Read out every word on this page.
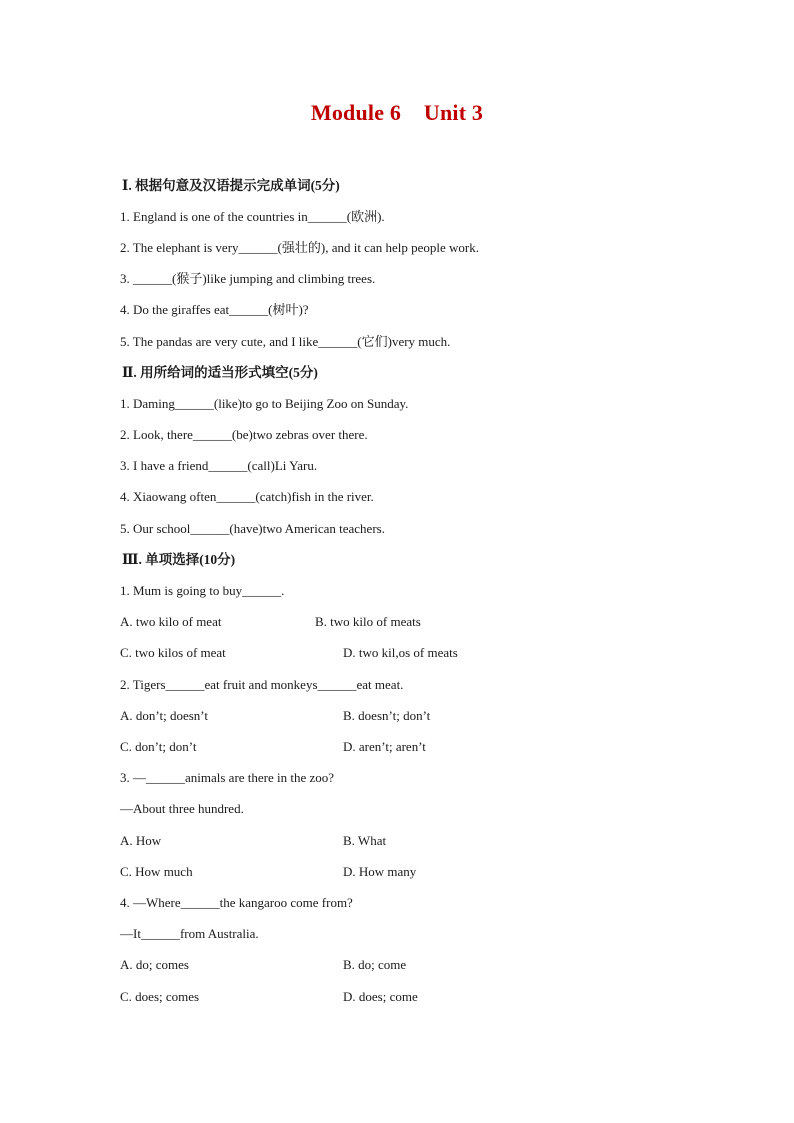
Module 6    Unit 3
Ⅰ. 根据句意及汉语提示完成单词(5分)
1. England is one of the countries in______(欧洲).
2. The elephant is very______(强壮的), and it can help people work.
3. ______(猴子)like jumping and climbing trees.
4. Do the giraffes eat______(树叶)?
5. The pandas are very cute, and I like______(它们)very much.
Ⅱ. 用所给词的适当形式填空(5分)
1. Daming______(like)to go to Beijing Zoo on Sunday.
2. Look, there______(be)two zebras over there.
3. I have a friend______(call)Li Yaru.
4. Xiaowang often______(catch)fish in the river.
5. Our school______(have)two American teachers.
Ⅲ. 单项选择(10分)
1. Mum is going to buy______.
A. two kilo of meat	B. two kilo of meats
C. two kilos of meat	D. two kil,os of meats
2. Tigers______eat fruit and monkeys______eat meat.
A. don’t; doesn’t	B. doesn’t; don’t
C. don’t; don’t	D. aren’t; aren’t
3. —______animals are there in the zoo?
—About three hundred.
A. How	B. What
C. How much	D. How many
4. —Where______the kangaroo come from?
—It______from Australia.
A. do; comes	B. do; come
C. does; comes	D. does; come
